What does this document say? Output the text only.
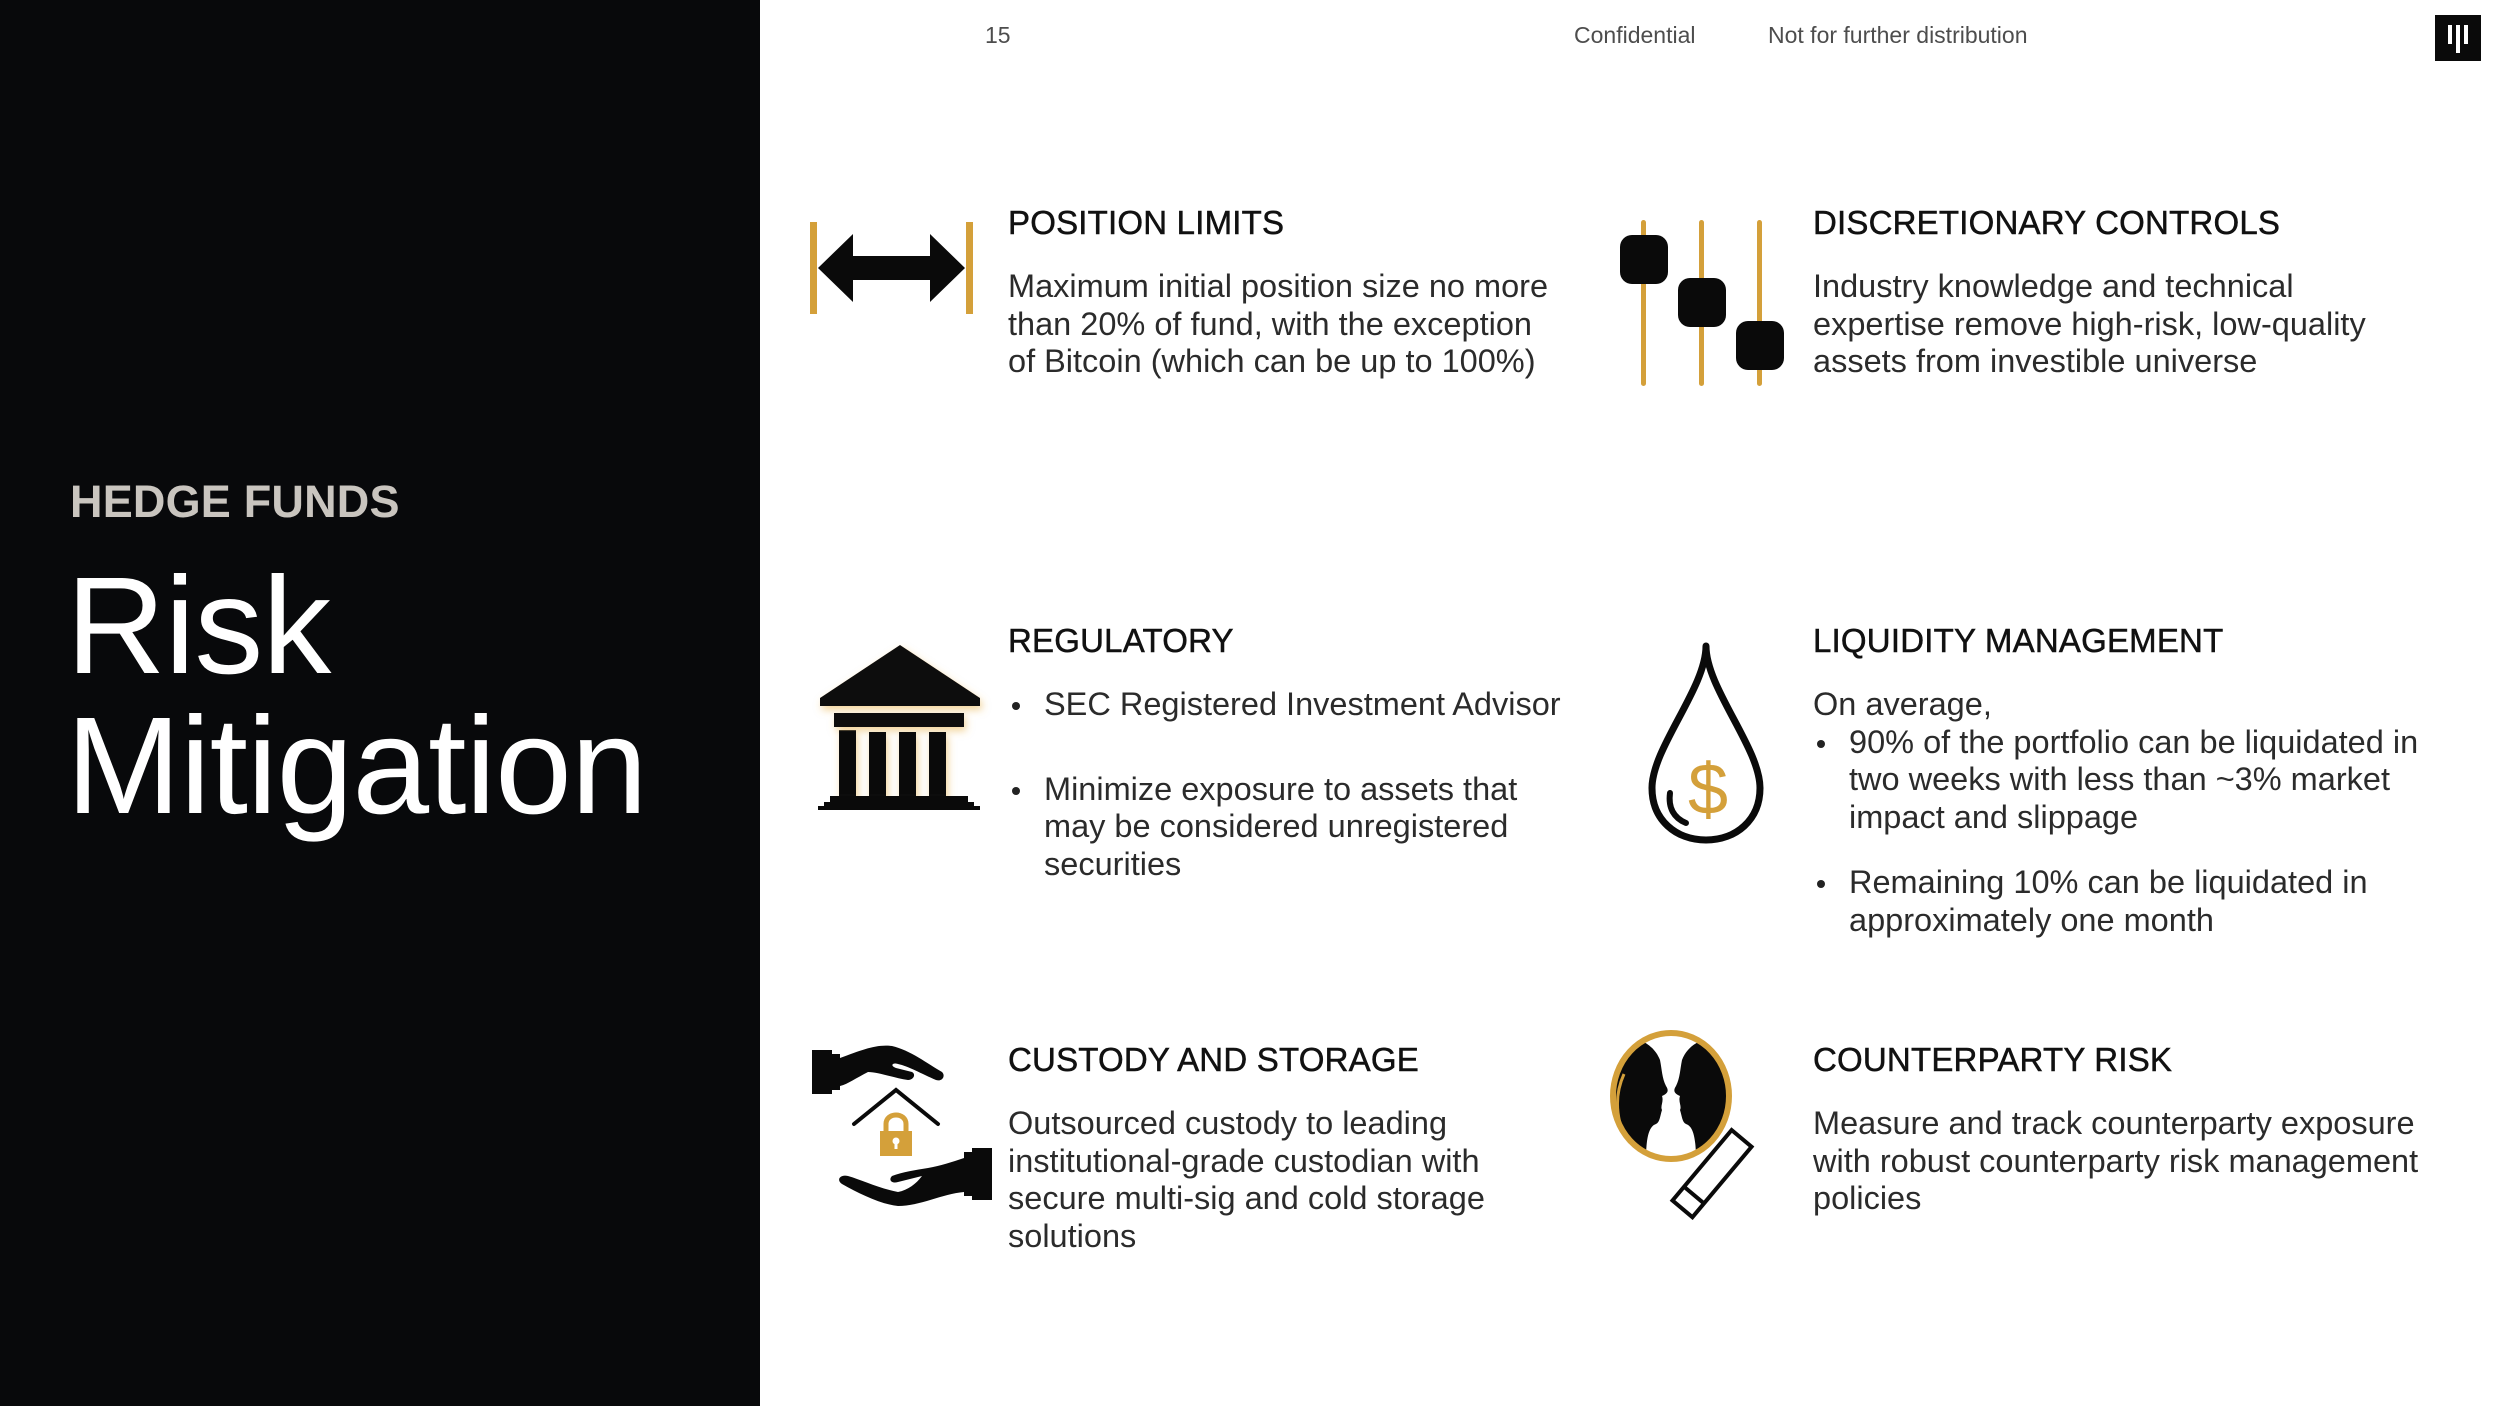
HEDGE FUNDS
Risk
Mitigation
15	Confidential	Not for further distribution
POSITION LIMITS

Maximum initial position size no more

than 20% of fund, with the exception

of Bitcoin (which can be up to 100%)

DISCRETIONARY CONTROLS

Industry knowledge and technical

expertise remove high-risk, low-quality

assets from investible universe

REGULATORY

SEC Registered Investment Advisor

Minimize exposure to assets that

may be considered unregistered

securities

$
LIQUIDITY MANAGEMENT

On average,

90% of the portfolio can be liquidated in

two weeks with less than ~3% market

impact and slippage

Remaining 10% can be liquidated in

approximately one month

CUSTODY AND STORAGE

Outsourced custody to leading

institutional-grade custodian with

secure multi-sig and cold storage

solutions

COUNTERPARTY RISK

Measure and track counterparty exposure

with robust counterparty risk management

policies
